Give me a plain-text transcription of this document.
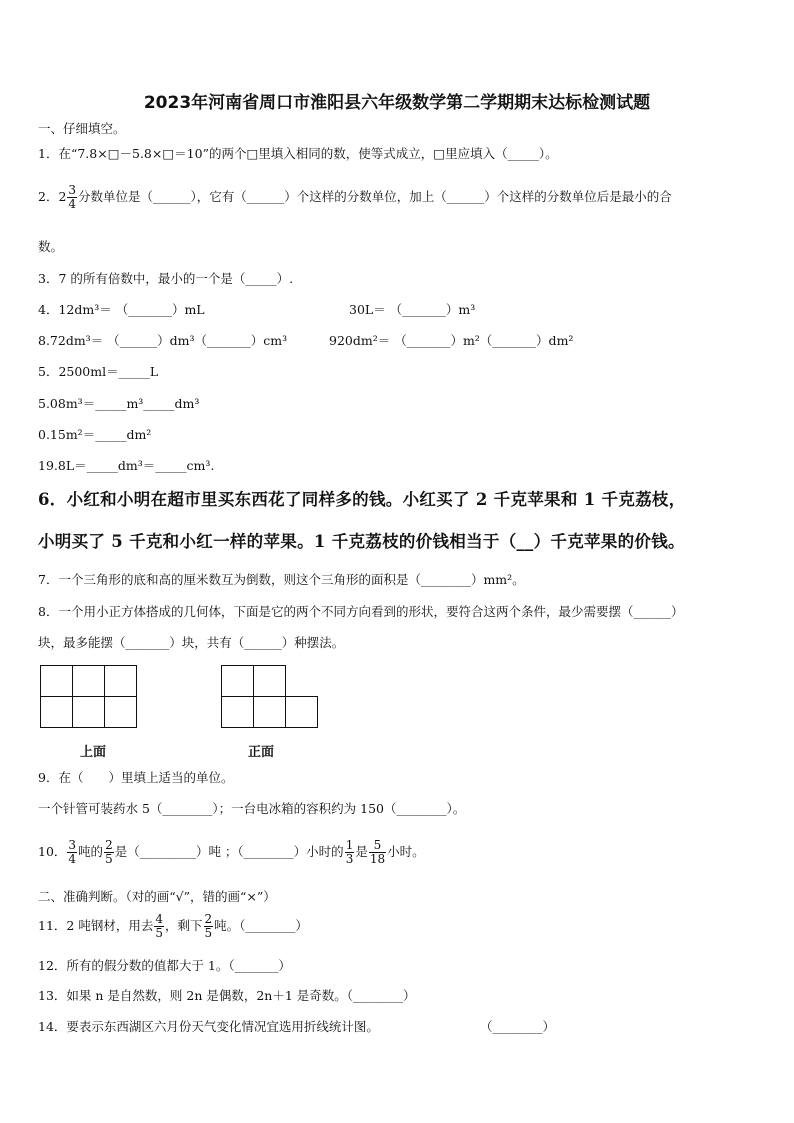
2023年河南省周口市淮阳县六年级数学第二学期期末达标检测试题
一、仔细填空。
1．在“7.8×□－5.8×□＝10”的两个□里填入相同的数，使等式成立，□里应填入（_____）。
2．$2 \frac{3}{4}$ 分数单位是（______），它有（______）个这样的分数单位，加上（______）个这样的分数单位后是最小的合
数。
3．7 的所有倍数中，最小的一个是（_____）.
4．12dm³＝ （_______）mL	30L＝ （_______）m³
8.72dm³＝ （______）dm³（_______）cm³	920dm²＝ （_______）m²（_______）dm²
5．2500ml＝_____L
5.08m³＝_____m³_____dm³
0.15m²＝_____dm²
19.8L＝_____dm³＝_____cm³.
6．小红和小明在超市里买东西花了同样多的钱。小红买了 2 千克苹果和 1 千克荔枝，
小明买了 5 千克和小红一样的苹果。1 千克荔枝的价钱相当于（__）千克苹果的价钱。
7．一个三角形的底和高的厘米数互为倒数，则这个三角形的面积是（________）mm²。
8．一个用小正方体搭成的几何体，下面是它的两个不同方向看到的形状，要符合这两个条件，最少需要摆（______）
块，最多能摆（_______）块，共有（______）种摆法。

上面	正面
9．在（　　）里填上适当的单位。
一个针管可装药水 5（________）；一台电冰箱的容积约为 150（________）。
10． $\frac{3}{4}$ 吨的 $\frac{2}{5}$ 是（_________）吨 ；（________）小时的 $\frac{1}{3}$ 是 $\frac{5}{18}$ 小时。
二、准确判断。（对的画“√”，错的画“×”）
11．2 吨钢材，用去 $\frac{4}{5}$ ，剩下 $\frac{2}{5}$ 吨。（________）
12．所有的假分数的值都大于 1。（_______）
13．如果 n 是自然数，则 2n 是偶数，2n＋1 是奇数。（________）
14．要表示东西湖区六月份天气变化情况宜选用折线统计图。	（________）
